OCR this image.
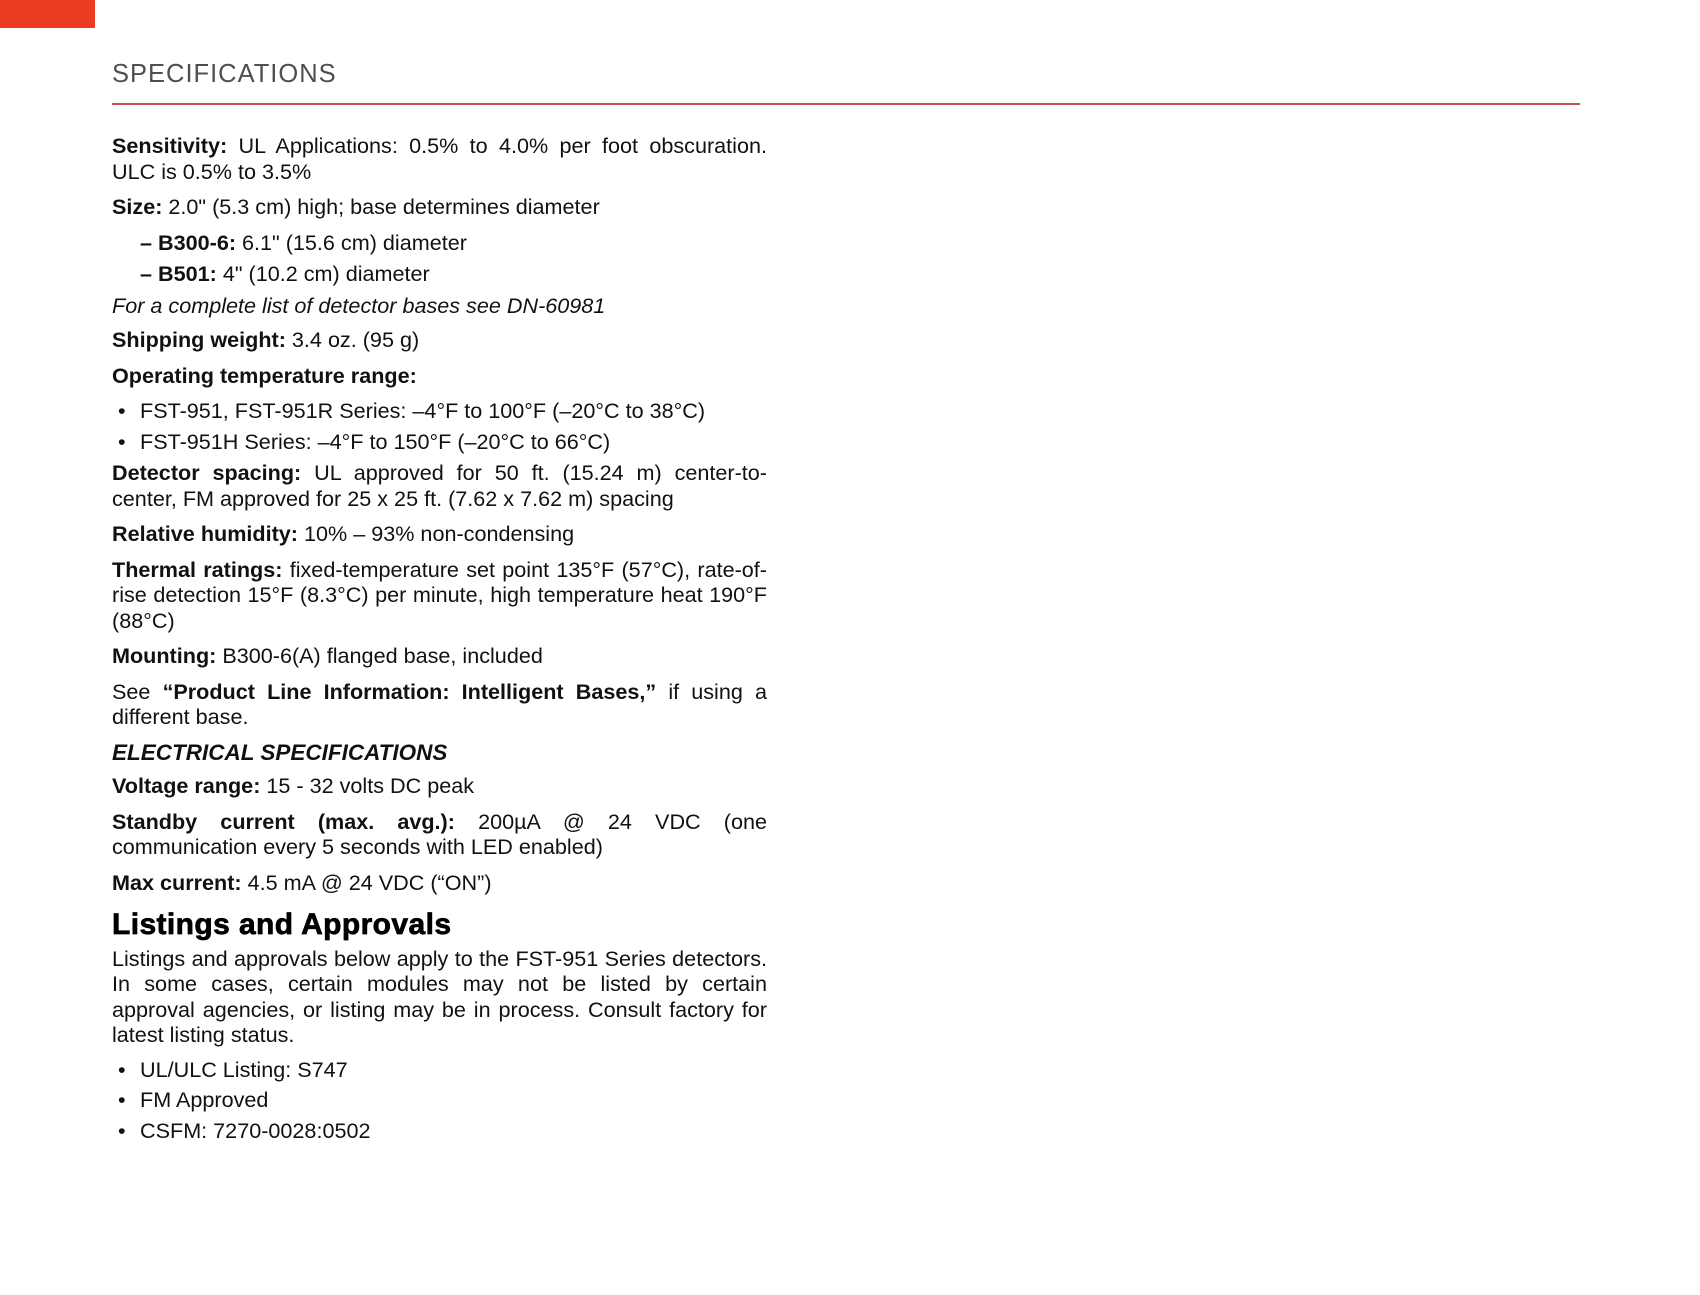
SPECIFICATIONS

Sensitivity: UL Applications: 0.5% to 4.0% per foot obscuration. ULC is 0.5% to 3.5%

Size: 2.0" (5.3 cm) high; base determines diameter

– B300-6: 6.1" (15.6 cm) diameter

– B501: 4" (10.2 cm) diameter

For a complete list of detector bases see DN-60981

Shipping weight: 3.4 oz. (95 g)

Operating temperature range:

• FST-951, FST-951R Series: –4°F to 100°F (–20°C to 38°C)
• FST-951H Series: –4°F to 150°F (–20°C to 66°C)

Detector spacing: UL approved for 50 ft. (15.24 m) center-to-center, FM approved for 25 x 25 ft. (7.62 x 7.62 m) spacing

Relative humidity: 10% – 93% non-condensing

Thermal ratings: fixed-temperature set point 135°F (57°C), rate-of-rise detection 15°F (8.3°C) per minute, high temperature heat 190°F (88°C)

Mounting: B300-6(A) flanged base, included

See “Product Line Information: Intelligent Bases,” if using a different base.

ELECTRICAL SPECIFICATIONS

Voltage range: 15 - 32 volts DC peak

Standby current (max. avg.): 200µA @ 24 VDC (one communication every 5 seconds with LED enabled)

Max current: 4.5 mA @ 24 VDC (“ON”)

Listings and Approvals

Listings and approvals below apply to the FST-951 Series detectors. In some cases, certain modules may not be listed by certain approval agencies, or listing may be in process. Consult factory for latest listing status.

• UL/ULC Listing: S747
• FM Approved
• CSFM: 7270-0028:0502
